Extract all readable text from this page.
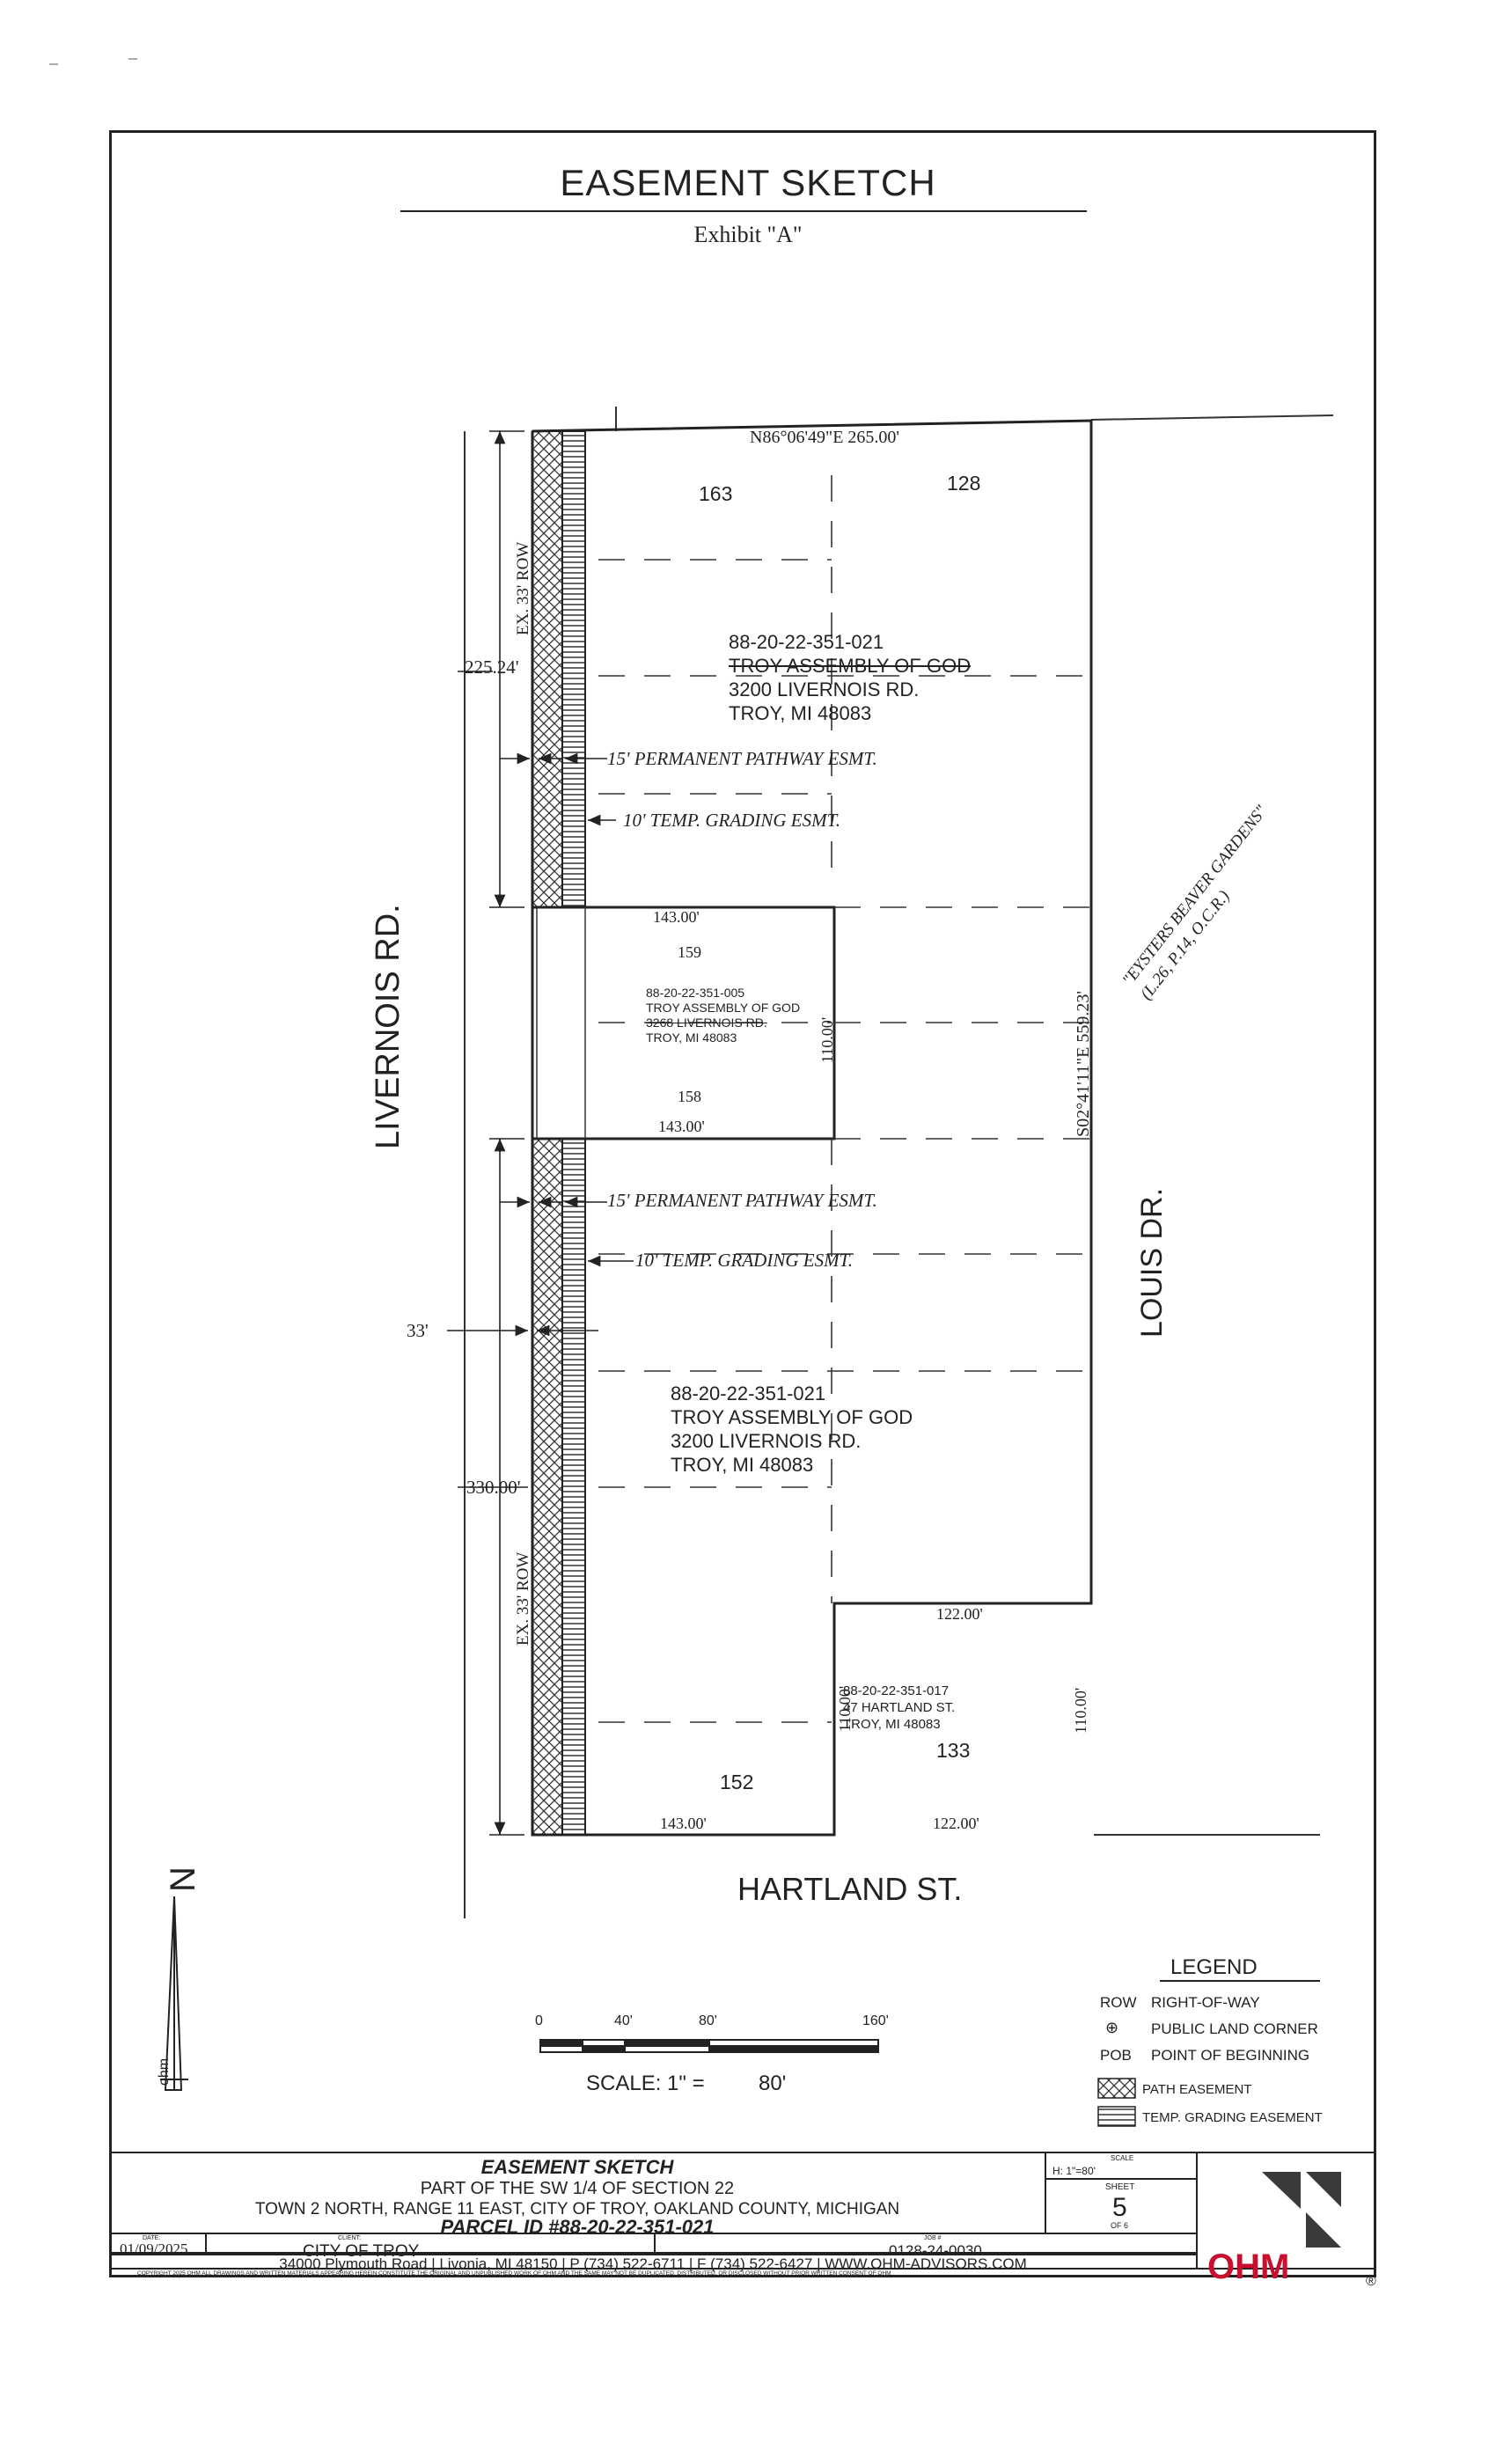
EASEMENT SKETCH
Exhibit "A"
LIVERNOIS RD.
LOUIS DR.
HARTLAND ST.
"EYSTERS BEAVER GARDENS" (L.26, P.14, O.C.R.)
N86°06'49"E 265.00'
S02°41'11"E 559.23'
225.24'
330.00'
33'
EX. 33' ROW
EX. 33' ROW
143.00'
143.00'
110.00'
122.00'
110.00'	110.00'
143.00'	122.00'
163	128
159
158
152
133
88-20-22-351-021
TROY ASSEMBLY OF GOD
3200 LIVERNOIS RD.
TROY, MI 48083
88-20-22-351-005
TROY ASSEMBLY OF GOD
3268 LIVERNOIS RD.
TROY, MI 48083
88-20-22-351-021
TROY ASSEMBLY OF GOD
3200 LIVERNOIS RD.
TROY, MI 48083
88-20-22-351-017
47 HARTLAND ST.
TROY, MI 48083
15' PERMANENT PATHWAY ESMT.
10' TEMP. GRADING ESMT.
15' PERMANENT PATHWAY ESMT.
10' TEMP. GRADING ESMT.
N
ohm
0	40'	80'	160'
SCALE: 1" =	80'
LEGEND
ROW RIGHT-OF-WAY
⊕ PUBLIC LAND CORNER
POB POINT OF BEGINNING
PATH EASEMENT
TEMP. GRADING EASEMENT
EASEMENT SKETCH
PART OF THE SW 1/4 OF SECTION 22
TOWN 2 NORTH, RANGE 11 EAST, CITY OF TROY, OAKLAND COUNTY, MICHIGAN
PARCEL ID #88-20-22-351-021
SCALE
H: 1"=80'
SHEET
5
OF 6
DATE:
01/09/2025
CLIENT:
CITY OF TROY
JOB #
0128-24-0030
34000 Plymouth Road | Livonia, MI 48150 | P (734) 522-6711 | F (734) 522-6427 | WWW.OHM-ADVISORS.COM
COPYRIGHT 2025 OHM ALL DRAWINGS AND WRITTEN MATERIALS APPEARING HEREIN CONSTITUTE THE ORIGINAL AND UNPUBLISHED WORK OF OHM AND THE SAME MAY NOT BE DUPLICATED, DISTRIBUTED, OR DISCLOSED WITHOUT PRIOR WRITTEN CONSENT OF OHM	OHM	®
